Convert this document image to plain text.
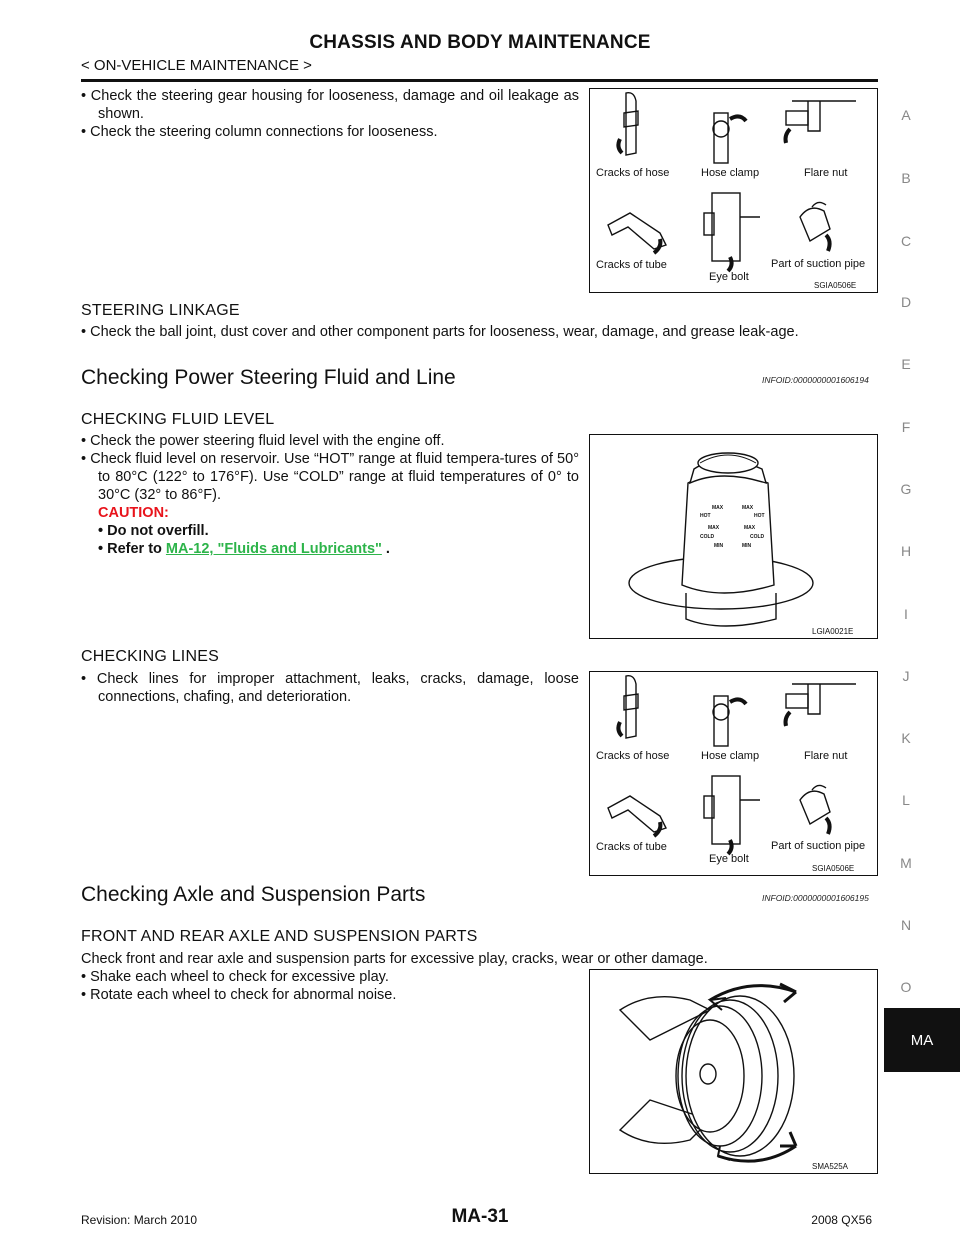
CHASSIS AND BODY MAINTENANCE
< ON-VEHICLE MAINTENANCE >
A
B
C
D
E
F
G
H
I
J
K
L
M
N
O
MA
• Check the steering gear housing for looseness, damage and oil leakage as shown.
• Check the steering column connections for looseness.
Cracks of hose	Hose clamp	Flare nut
Cracks of tube
Eye bolt
Part of suction pipe
SGIA0506E
STEERING LINKAGE
• Check the ball joint, dust cover and other component parts for looseness, wear, damage, and grease leak-age.
Checking Power Steering Fluid and Line	INFOID:0000000001606194
CHECKING FLUID LEVEL
• Check the power steering fluid level with the engine off.
• Check fluid level on reservoir. Use “HOT” range at fluid tempera-tures of 50° to 80°C (122° to 176°F). Use “COLD” range at fluid temperatures of 0° to 30°C (32° to 86°F).
CAUTION:
• Do not overfill.
• Refer to MA-12, "Fluids and Lubricants" .
MAX	MAX
HOT	HOT
MAX	MAX
COLD	COLD
MIN	MIN
LGIA0021E
CHECKING LINES
• Check lines for improper attachment, leaks, cracks, damage, loose connections, chafing, and deterioration.
Cracks of hose	Hose clamp	Flare nut
Cracks of tube
Eye bolt
Part of suction pipe
SGIA0506E
Checking Axle and Suspension Parts	INFOID:0000000001606195
FRONT AND REAR AXLE AND SUSPENSION PARTS
Check front and rear axle and suspension parts for excessive play, cracks, wear or other damage.
• Shake each wheel to check for excessive play.
• Rotate each wheel to check for abnormal noise.
SMA525A
Revision: March 2010	MA-31	2008 QX56
